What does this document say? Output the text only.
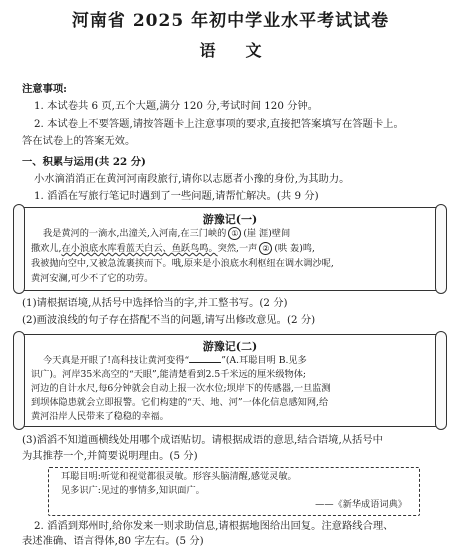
河南省 2025 年初中学业水平考试试卷
语文
注意事项:
1. 本试卷共 6 页,五个大题,满分 120 分,考试时间 120 分钟。
2. 本试卷上不要答题,请按答题卡上注意事项的要求,直接把答案填写在答题卡上。
答在试卷上的答案无效。
一、积累与运用(共 22 分)
小水滴消消正在黄河河南段旅行,请你以志愿者小豫的身份,为其助力。
1. 滔滔在写旅行笔记时遇到了一些问题,请帮忙解决。(共 9 分)
游豫记(一)
我是黄河的一滴水,出潼关,入河南,在三门峡的 ① (崖 涯)壁间
撒欢儿,在小浪底水库看蓝天白云、鱼跃鸟鸣。突然,一声 ② (哄 轰)鸣,
我被抛向空中,又被急流裹挟而下。哦,原来是小浪底水利枢纽在调水调沙呢,
黄河安澜,可少不了它的功劳。
(1)请根据语境,从括号中选择恰当的字,并工整书写。(2 分)
(2)画波浪线的句子存在搭配不当的问题,请写出修改意见。(2 分)
游豫记(二)
今天真是开眼了!高科技让黄河变得“	”(A.耳聪目明 B.见多
识广)。河岸35米高空的“天眼”,能清楚看到2.5千米远的厘米级物体;
河边的自计水尺,每6分钟就会自动上报一次水位;坝岸下的传感器,一旦监测
到坝体隐患就会立即报警。它们构建的“天、地、河”一体化信息感知网,给
黄河沿岸人民带来了稳稳的幸福。
(3)滔滔不知道画横线处用哪个成语贴切。请根据成语的意思,结合语境,从括号中
为其推荐一个,并简要说明理由。(5 分)
耳聪目明:听觉和视觉都很灵敏。形容头脑清醒,感觉灵敏。
见多识广:见过的事情多,知识面广。
——《新华成语词典》
2. 滔滔到郑州时,给你发来一则求助信息,请根据地图给出回复。注意路线合理、
表述准确、语言得体,80 字左右。(5 分)
